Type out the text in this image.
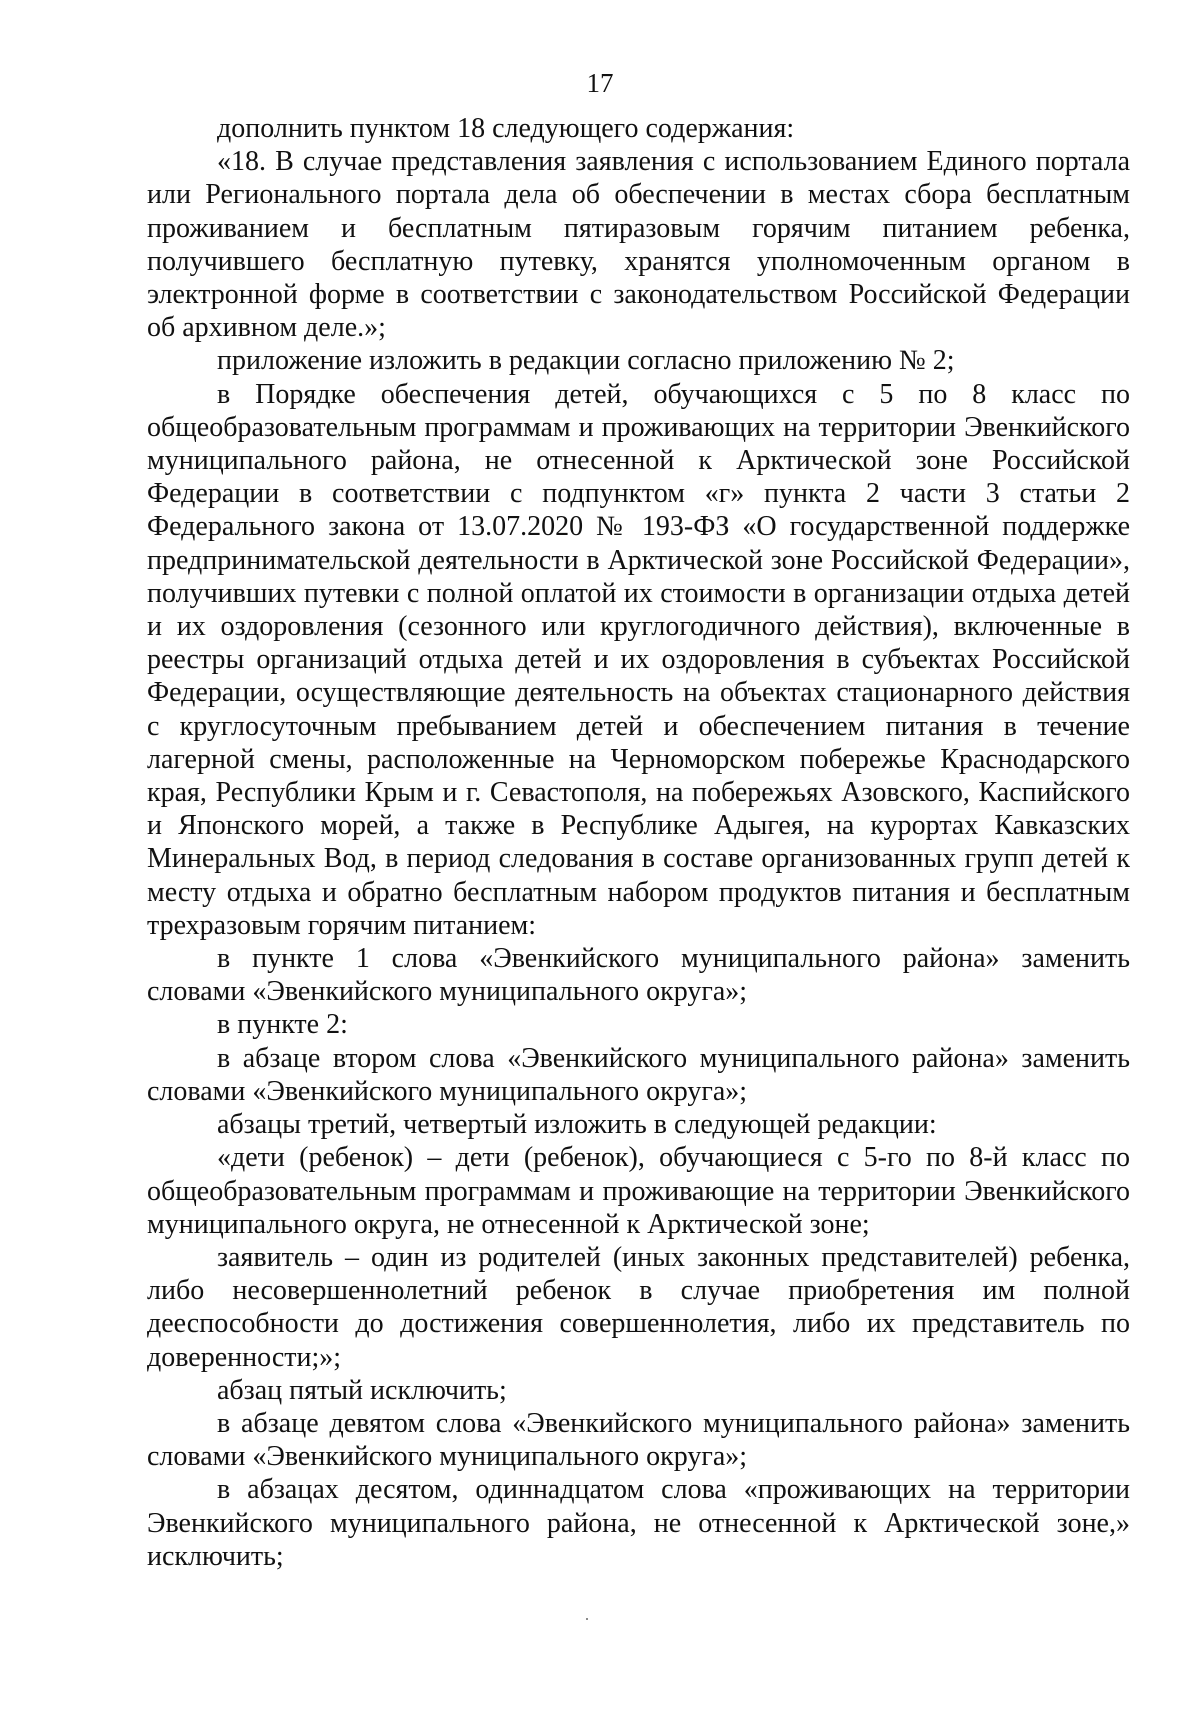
17

дополнить пунктом 18 следующего содержания:

«18. В случае представления заявления с использованием Единого портала или Регионального портала дела об обеспечении в местах сбора бесплатным проживанием и бесплатным пятиразовым горячим питанием ребенка, получившего бесплатную путевку, хранятся уполномоченным органом в электронной форме в соответствии с законодательством Российской Федерации об архивном деле.»;

приложение изложить в редакции согласно приложению № 2;

в Порядке обеспечения детей, обучающихся с 5 по 8 класс по общеобразовательным программам и проживающих на территории Эвенкийского муниципального района, не отнесенной к Арктической зоне Российской Федерации в соответствии с подпунктом «г» пункта 2 части 3 статьи 2 Федерального закона от 13.07.2020 № 193-ФЗ «О государственной поддержке предпринимательской деятельности в Арктической зоне Российской Федерации», получивших путевки с полной оплатой их стоимости в организации отдыха детей и их оздоровления (сезонного или круглогодичного действия), включенные в реестры организаций отдыха детей и их оздоровления в субъектах Российской Федерации, осуществляющие деятельность на объектах стационарного действия с круглосуточным пребыванием детей и обеспечением питания в течение лагерной смены, расположенные на Черноморском побережье Краснодарского края, Республики Крым и г. Севастополя, на побережьях Азовского, Каспийского и Японского морей, а также в Республике Адыгея, на курортах Кавказских Минеральных Вод, в период следования в составе организованных групп детей к месту отдыха и обратно бесплатным набором продуктов питания и бесплатным трехразовым горячим питанием:

в пункте 1 слова «Эвенкийского муниципального района» заменить словами «Эвенкийского муниципального округа»;

в пункте 2:

в абзаце втором слова «Эвенкийского муниципального района» заменить словами «Эвенкийского муниципального округа»;

абзацы третий, четвертый изложить в следующей редакции:

«дети (ребенок) – дети (ребенок), обучающиеся с 5-го по 8-й класс по общеобразовательным программам и проживающие на территории Эвенкийского муниципального округа, не отнесенной к Арктической зоне;

заявитель – один из родителей (иных законных представителей) ребенка, либо несовершеннолетний ребенок в случае приобретения им полной дееспособности до достижения совершеннолетия, либо их представитель по доверенности;»;

абзац пятый исключить;

в абзаце девятом слова «Эвенкийского муниципального района» заменить словами «Эвенкийского муниципального округа»;

в абзацах десятом, одиннадцатом слова «проживающих на территории Эвенкийского муниципального района, не отнесенной к Арктической зоне,» исключить;
